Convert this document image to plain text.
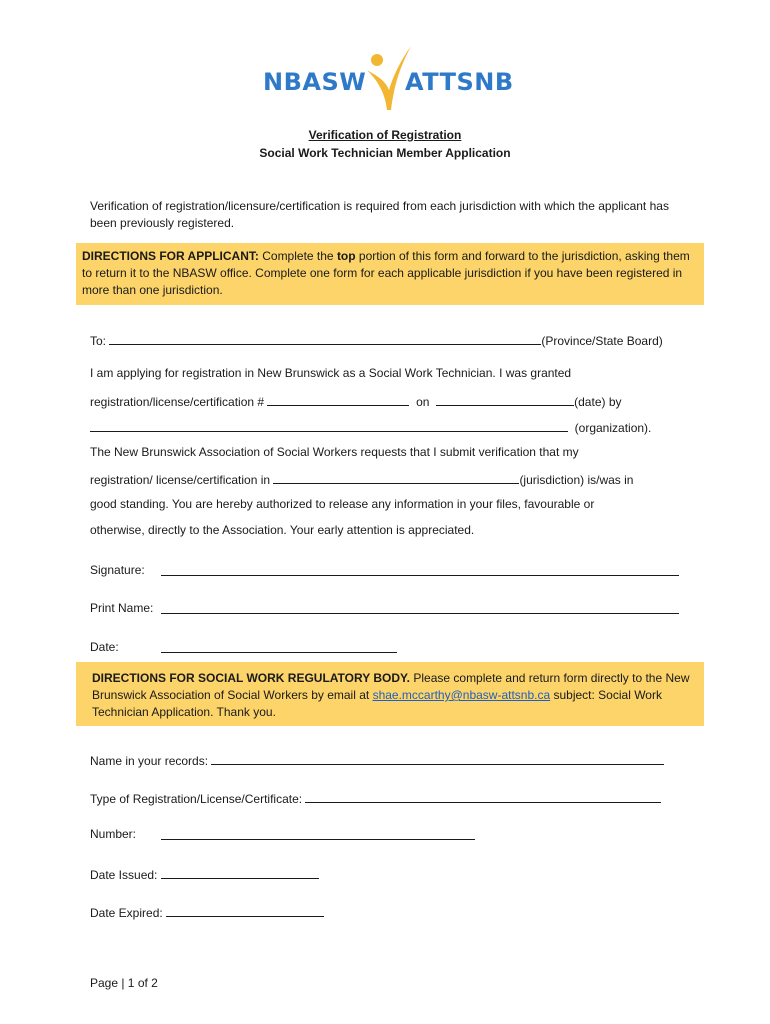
NBASW ATTSNB
Verification of Registration
Social Work Technician Member Application
Verification of registration/licensure/certification is required from each jurisdiction with which the applicant has been previously registered.
DIRECTIONS FOR APPLICANT: Complete the top portion of this form and forward to the jurisdiction, asking them to return it to the NBASW office. Complete one form for each applicable jurisdiction if you have been registered in more than one jurisdiction.
To:	(Province/State Board)
I am applying for registration in New Brunswick as a Social Work Technician. I was granted
registration/license/certification #	on	(date) by
(organization).
The New Brunswick Association of Social Workers requests that I submit verification that my
registration/ license/certification in	(jurisdiction) is/was in
good standing. You are hereby authorized to release any information in your files, favourable or
otherwise, directly to the Association. Your early attention is appreciated.
Signature:
Print Name:
Date:
DIRECTIONS FOR SOCIAL WORK REGULATORY BODY. Please complete and return form directly to the New Brunswick Association of Social Workers by email at shae.mccarthy@nbasw-attsnb.ca subject: Social Work Technician Application. Thank you.
Name in your records:
Type of Registration/License/Certificate:
Number:
Date Issued:
Date Expired:
Page | 1 of 2
